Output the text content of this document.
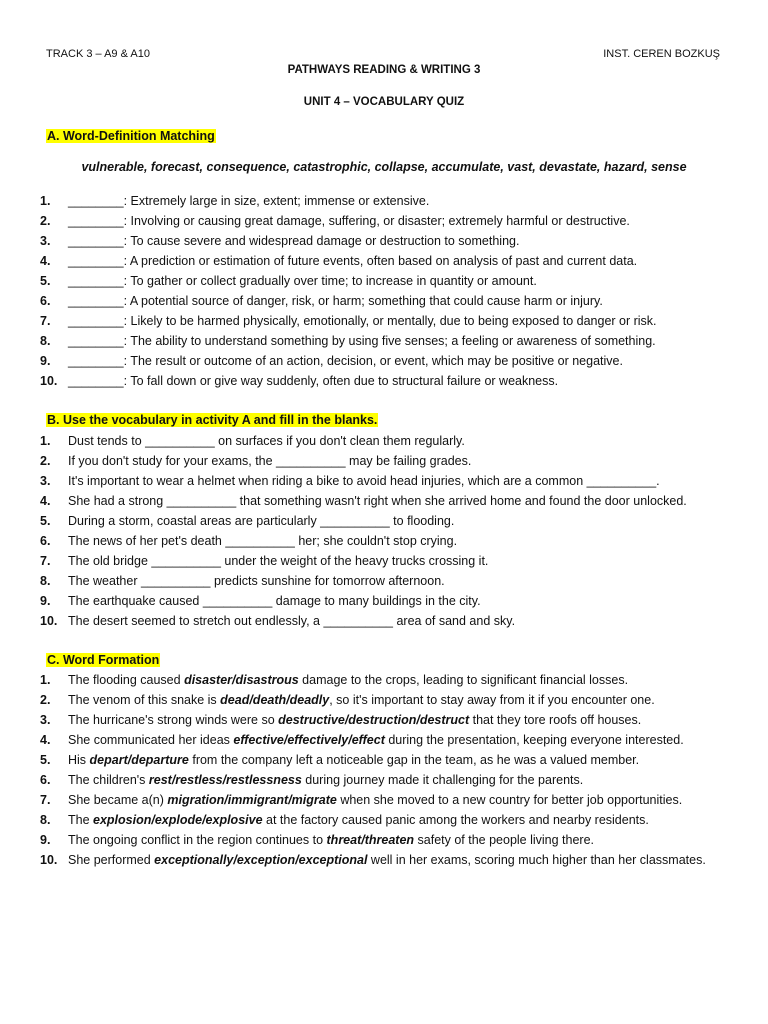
TRACK 3 – A9 & A10	INST. CEREN BOZKUŞ
PATHWAYS READING & WRITING 3
UNIT 4 – VOCABULARY QUIZ
A. Word-Definition Matching
vulnerable, forecast, consequence, catastrophic, collapse, accumulate, vast, devastate, hazard, sense
1.	________: Extremely large in size, extent; immense or extensive.
2.	________: Involving or causing great damage, suffering, or disaster; extremely harmful or destructive.
3.	________: To cause severe and widespread damage or destruction to something.
4.	________: A prediction or estimation of future events, often based on analysis of past and current data.
5.	________: To gather or collect gradually over time; to increase in quantity or amount.
6.	________: A potential source of danger, risk, or harm; something that could cause harm or injury.
7.	________: Likely to be harmed physically, emotionally, or mentally, due to being exposed to danger or risk.
8.	________: The ability to understand something by using five senses; a feeling or awareness of something.
9.	________: The result or outcome of an action, decision, or event, which may be positive or negative.
10. ________: To fall down or give way suddenly, often due to structural failure or weakness.
B. Use the vocabulary in activity A and fill in the blanks.
1.	Dust tends to __________ on surfaces if you don't clean them regularly.
2.	If you don't study for your exams, the __________ may be failing grades.
3.	It's important to wear a helmet when riding a bike to avoid head injuries, which are a common __________.
4.	She had a strong __________ that something wasn't right when she arrived home and found the door unlocked.
5.	During a storm, coastal areas are particularly __________ to flooding.
6.	The news of her pet's death __________ her; she couldn't stop crying.
7.	The old bridge __________ under the weight of the heavy trucks crossing it.
8.	The weather __________ predicts sunshine for tomorrow afternoon.
9.	The earthquake caused __________ damage to many buildings in the city.
10. The desert seemed to stretch out endlessly, a __________ area of sand and sky.
C. Word Formation
1.	The flooding caused disaster/disastrous damage to the crops, leading to significant financial losses.
2.	The venom of this snake is dead/death/deadly, so it's important to stay away from it if you encounter one.
3.	The hurricane's strong winds were so destructive/destruction/destruct that they tore roofs off houses.
4.	She communicated her ideas effective/effectively/effect during the presentation, keeping everyone interested.
5.	His depart/departure from the company left a noticeable gap in the team, as he was a valued member.
6.	The children's rest/restless/restlessness during journey made it challenging for the parents.
7.	She became a(n) migration/immigrant/migrate when she moved to a new country for better job opportunities.
8.	The explosion/explode/explosive at the factory caused panic among the workers and nearby residents.
9.	The ongoing conflict in the region continues to threat/threaten safety of the people living there.
10. She performed exceptionally/exception/exceptional well in her exams, scoring much higher than her classmates.
